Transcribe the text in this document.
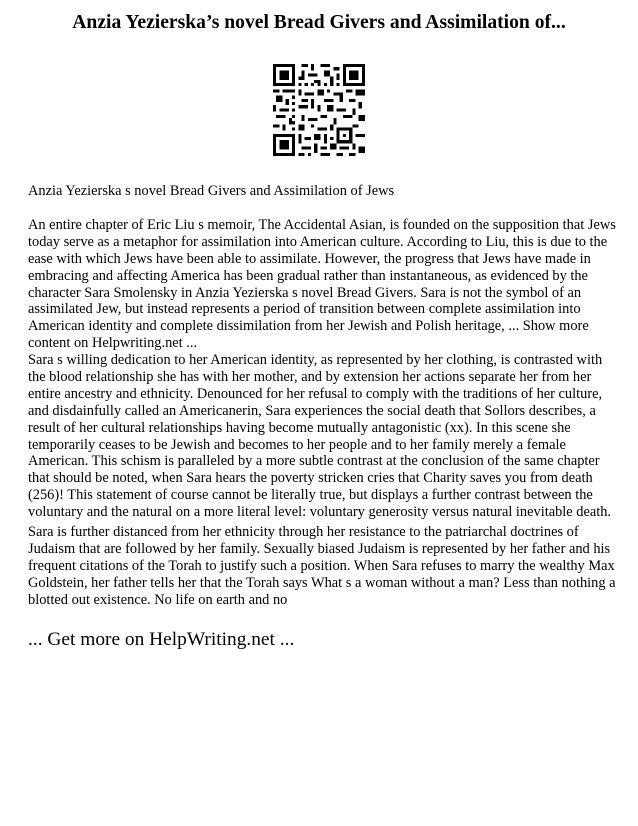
Anzia Yezierska’s novel Bread Givers and Assimilation of...
Anzia Yezierska s novel Bread Givers and Assimilation of Jews
An entire chapter of Eric Liu s memoir, The Accidental Asian, is founded on the supposition that Jews
today serve as a metaphor for assimilation into American culture. According to Liu, this is due to the
ease with which Jews have been able to assimilate. However, the progress that Jews have made in
embracing and affecting America has been gradual rather than instantaneous, as evidenced by the
character Sara Smolensky in Anzia Yezierska s novel Bread Givers. Sara is not the symbol of an
assimilated Jew, but instead represents a period of transition between complete assimilation into
American identity and complete dissimilation from her Jewish and Polish heritage, ... Show more
content on Helpwriting.net ...
Sara s willing dedication to her American identity, as represented by her clothing, is contrasted with
the blood relationship she has with her mother, and by extension her actions separate her from her
entire ancestry and ethnicity. Denounced for her refusal to comply with the traditions of her culture,
and disdainfully called an Americanerin, Sara experiences the social death that Sollors describes, a
result of her cultural relationships having become mutually antagonistic (xx). In this scene she
temporarily ceases to be Jewish and becomes to her people and to her family merely a female
American. This schism is paralleled by a more subtle contrast at the conclusion of the same chapter
that should be noted, when Sara hears the poverty stricken cries that Charity saves you from death
(256)! This statement of course cannot be literally true, but displays a further contrast between the
voluntary and the natural on a more literal level: voluntary generosity versus natural inevitable death.
Sara is further distanced from her ethnicity through her resistance to the patriarchal doctrines of
Judaism that are followed by her family. Sexually biased Judaism is represented by her father and his
frequent citations of the Torah to justify such a position. When Sara refuses to marry the wealthy Max
Goldstein, her father tells her that the Torah says What s a woman without a man? Less than nothing a
blotted out existence. No life on earth and no
... Get more on HelpWriting.net ...
